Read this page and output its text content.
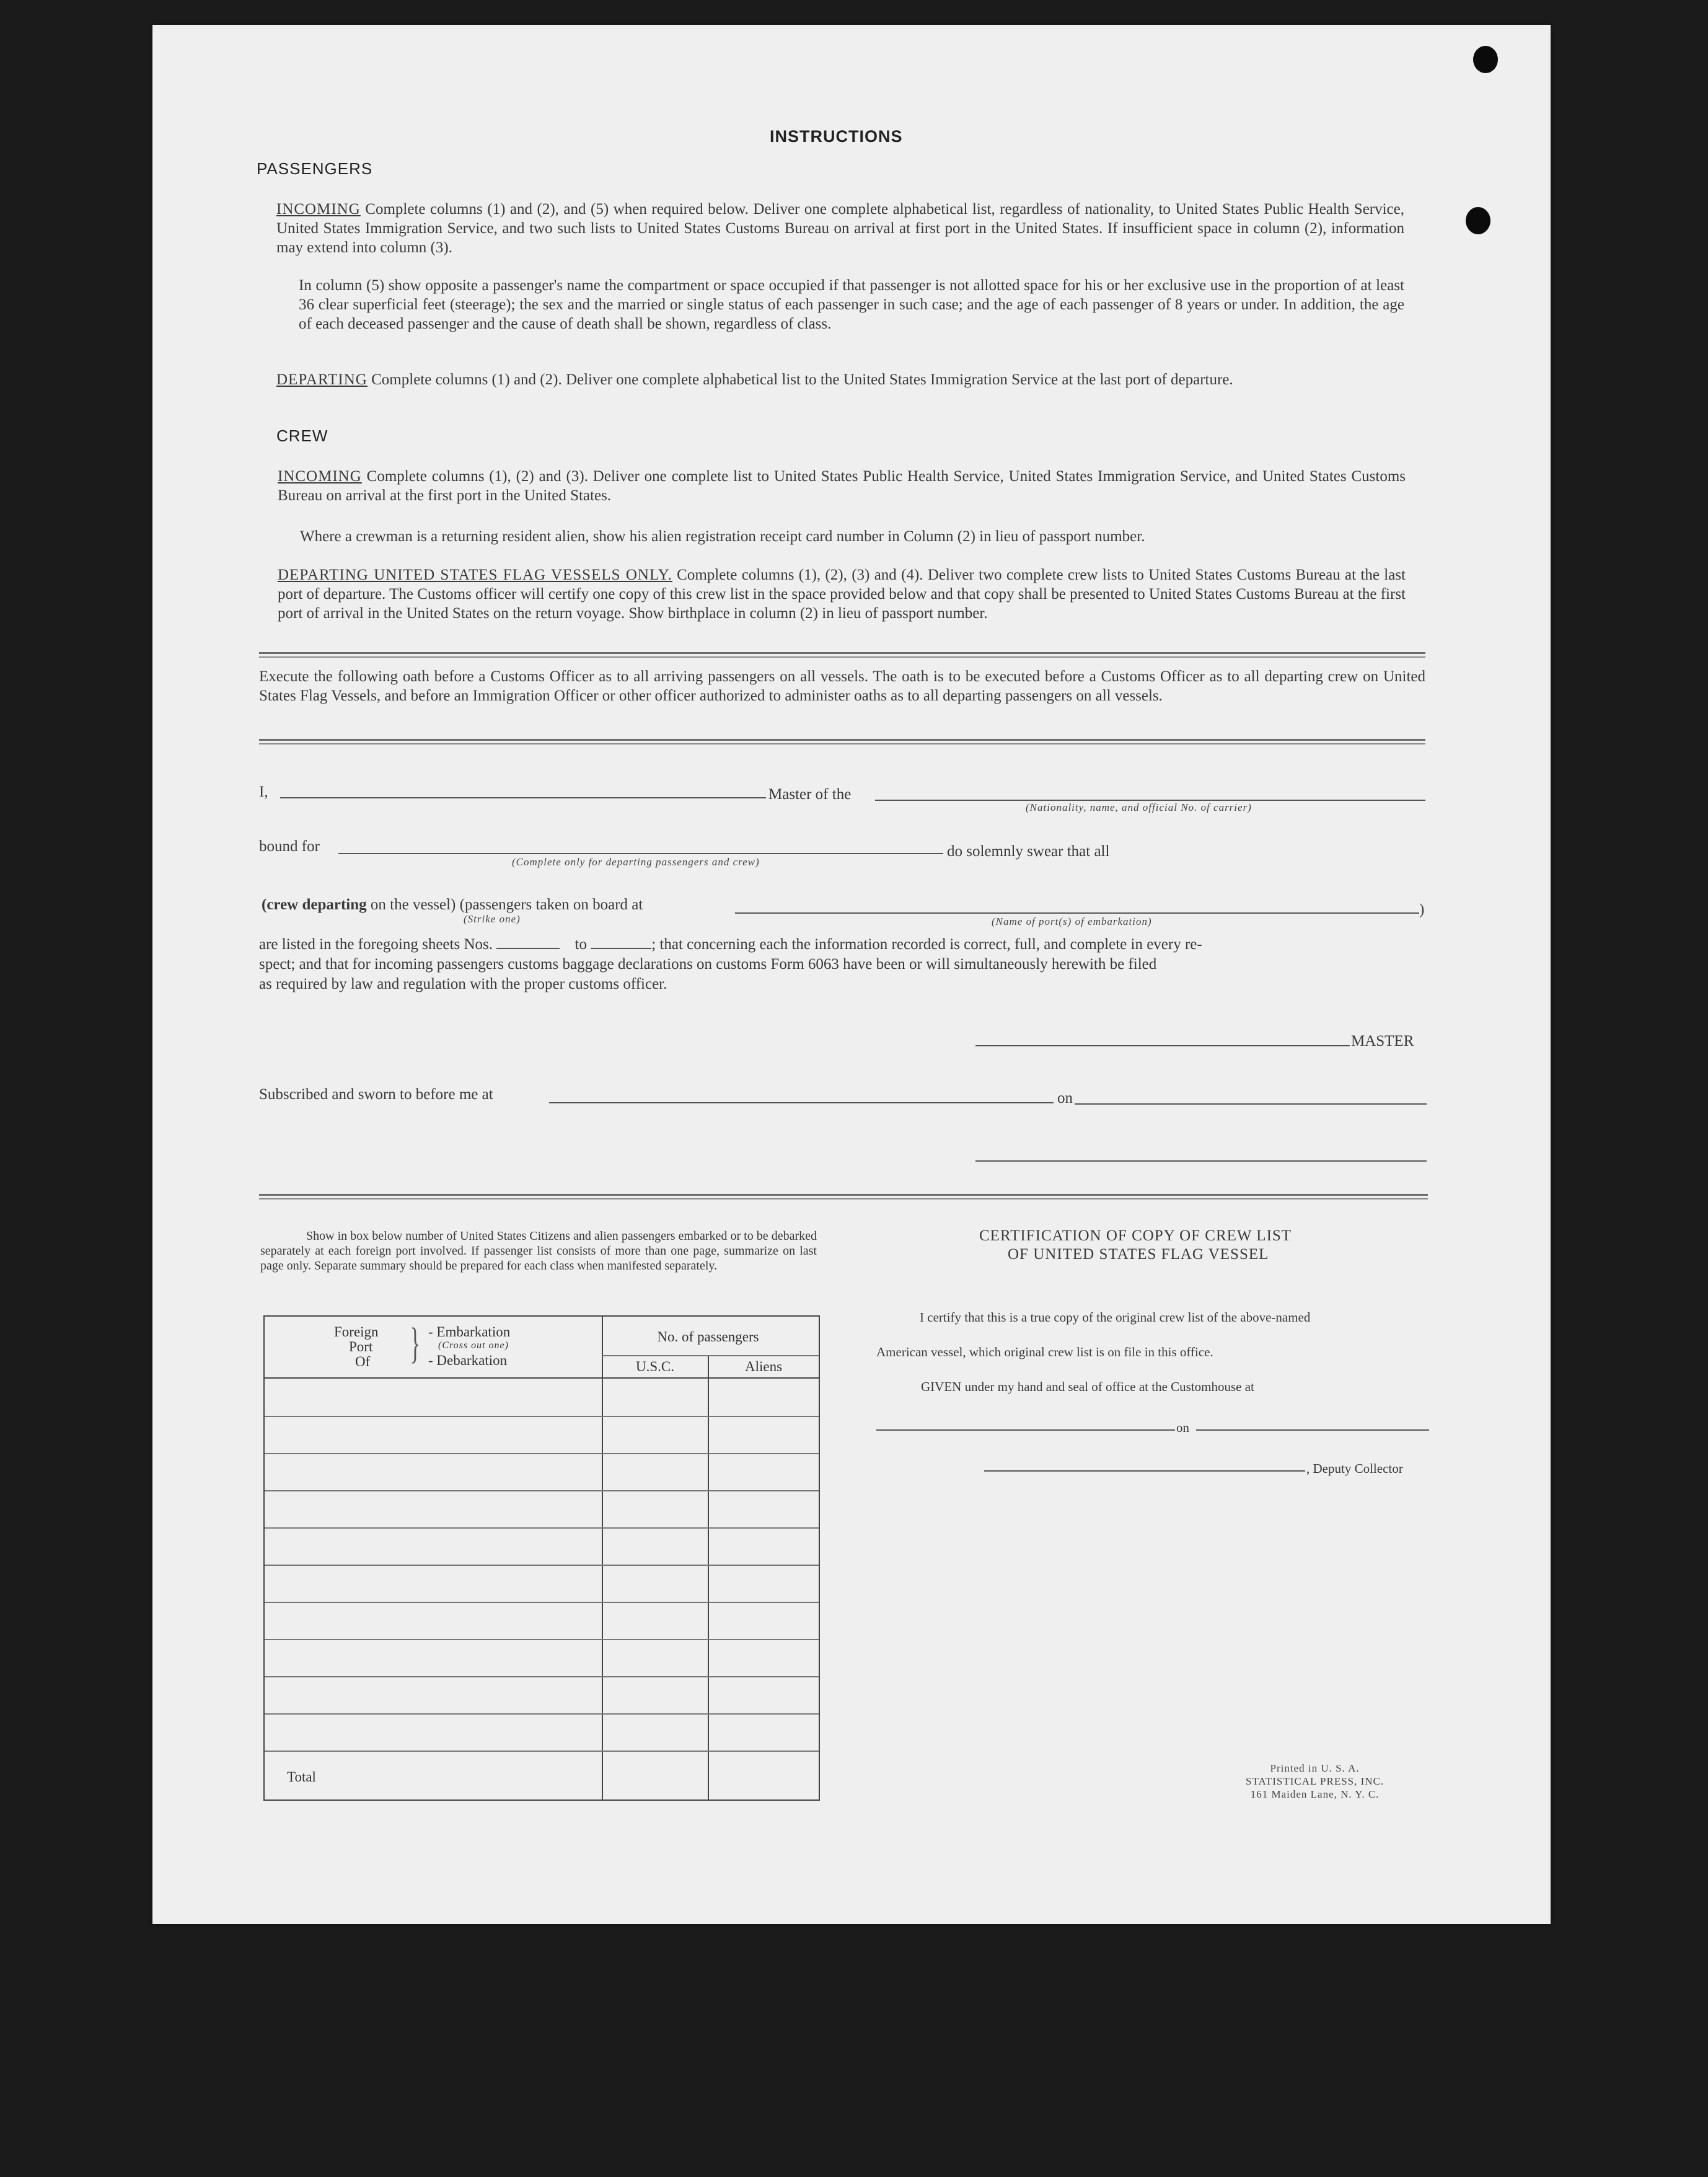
INSTRUCTIONS
PASSENGERS
INCOMING Complete columns (1) and (2), and (5) when required below. Deliver one complete alphabetical list, regardless of nationality, to United States Public Health Service, United States Immigration Service, and two such lists to United States Customs Bureau on arrival at first port in the United States. If insufficient space in column (2), information may extend into column (3).
In column (5) show opposite a passenger's name the compartment or space occupied if that passenger is not allotted space for his or her exclusive use in the proportion of at least 36 clear superficial feet (steerage); the sex and the married or single status of each passenger in such case; and the age of each passenger of 8 years or under. In addition, the age of each deceased passenger and the cause of death shall be shown, regardless of class.
DEPARTING Complete columns (1) and (2). Deliver one complete alphabetical list to the United States Immigration Service at the last port of departure.
CREW
INCOMING Complete columns (1), (2) and (3). Deliver one complete list to United States Public Health Service, United States Immigration Service, and United States Customs Bureau on arrival at the first port in the United States.
Where a crewman is a returning resident alien, show his alien registration receipt card number in Column (2) in lieu of passport number.
DEPARTING UNITED STATES FLAG VESSELS ONLY. Complete columns (1), (2), (3) and (4). Deliver two complete crew lists to United States Customs Bureau at the last port of departure. The Customs officer will certify one copy of this crew list in the space provided below and that copy shall be presented to United States Customs Bureau at the first port of arrival in the United States on the return voyage. Show birthplace in column (2) in lieu of passport number.
Execute the following oath before a Customs Officer as to all arriving passengers on all vessels. The oath is to be executed before a Customs Officer as to all departing crew on United States Flag Vessels, and before an Immigration Officer or other officer authorized to administer oaths as to all departing passengers on all vessels.
I,	Master of the
(Nationality, name, and official No. of carrier)
bound for
(Complete only for departing passengers and crew)
do solemnly swear that all
(crew departing on the vessel) (passengers taken on board at
(Strike one)
)
(Name of port(s) of embarkation)
are listed in the foregoing sheets Nos.	to	; that concerning each the information recorded is correct, full, and complete in every re-
spect; and that for incoming passengers customs baggage declarations on customs Form 6063 have been or will simultaneously herewith be filed
as required by law and regulation with the proper customs officer.
MASTER
Subscribed and sworn to before me at	on
Show in box below number of United States Citizens and alien passengers embarked or to be debarked separately at each foreign port involved. If passenger list consists of more than one page, summarize on last page only. Separate summary should be prepared for each class when manifested separately.
Foreign
Port
Of } - Embarkation
(Cross out one)
- Debarkation
No. of passengers
U.S.C.	Aliens
Total
CERTIFICATION OF COPY OF CREW LIST
OF UNITED STATES FLAG VESSEL
I certify that this is a true copy of the original crew list of the above-named
American vessel, which original crew list is on file in this office.
GIVEN under my hand and seal of office at the Customhouse at
on
, Deputy Collector
Printed in U. S. A.
STATISTICAL PRESS, INC.
161 Maiden Lane, N. Y. C.
